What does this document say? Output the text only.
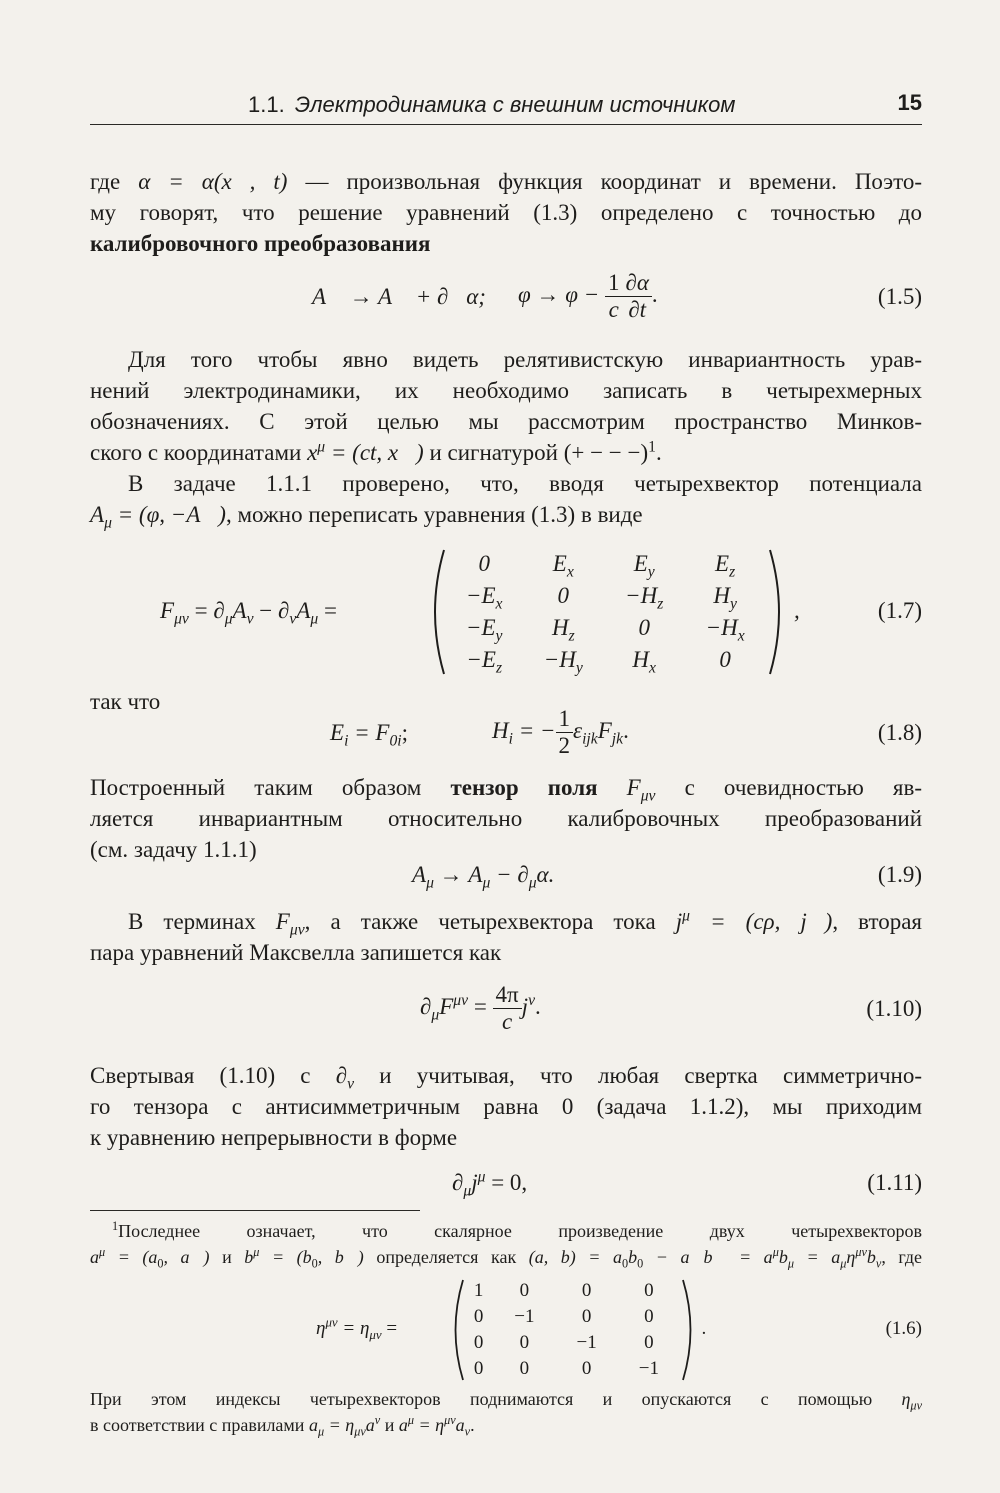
1.1. Электродинамика с внешним источником	15
где α = α(x⃗, t) — произвольная функция координат и времени. Поэто-
му говорят, что решение уравнений (1.3) определено с точностью до
калибровочного преобразования
A⃗ → A⃗ + ∂⃗α; $\varphi \to \varphi - \frac{1}{c} \frac{\partial\alpha}{\partial t}$ .	(1.5)
Для того чтобы явно видеть релятивистскую инвариантность урав-
нений электродинамики, их необходимо записать в четырехмерных
обозначениях. С этой целью мы рассмотрим пространство Минков-
ского с координатами $x^\mu = (ct$, x⃗) и сигнатурой (+ − − −)$^1$.
В задаче 1.1.1 проверено, что, вводя четырехвектор потенциала
$A_\mu = (\varphi$, −A⃗), можно переписать уравнения (1.3) в виде
$F_{\mu\nu} = \partial_\mu A_\nu - \partial_\nu A_\mu$ =
0	$E_x$	$E_y$	$E_z$
$-E_x$	0	$-H_z$	$H_y$
$-E_y$	$H_z$	0	$-H_x$
$-E_z$	$-H_y$	$H_x$	0
,	(1.7)
так что
$E_i = F_{0i}$;	$H_i$ = − $\frac{1}{2} \varepsilon_{ijk}F_{jk}$.	(1.8)
Построенный таким образом тензор поля $F_{\mu\nu}$ с очевидностью яв-
ляется инвариантным относительно калибровочных преобразований
(см. задачу 1.1.1)
$A_\mu \to A_\mu - \partial_\mu\alpha$.	(1.9)
В терминах $F_{\mu\nu}$, а также четырехвектора тока $j^\mu = (c\rho$, j⃗), вторая
пара уравнений Максвелла запишется как
$\partial_\mu F^{\mu\nu} = \frac{4\pi}{c} j^\nu$.	(1.10)
Свертывая (1.10) с $\partial_\nu$ и учитывая, что любая свертка симметрично-
го тензора с антисимметричным равна 0 (задача 1.1.2), мы приходим
к уравнению непрерывности в форме
$\partial_\mu j^\mu = 0$,	(1.11)
$^1$Последнее означает, что скалярное произведение двух четырехвекторов
$a^\mu = (a_0$, a⃗) и $b^\mu = (b_0$, b⃗) определяется как (a, $b) = a_0b_0$ − a⃗b⃗ = $a^\mu b_\mu = a_\mu\eta^{\mu\nu}b_\nu$, где
$\eta^{\mu\nu} = \eta_{\mu\nu}$ =
1	0	0	0
0	−1	0	0
0	0	−1	0
0	0	0	−1
.	(1.6)
При этом индексы четырехвекторов поднимаются и опускаются с помощью $\eta_{\mu\nu}$
в соответствии с правилами $a_\mu = \eta_{\mu\nu}a^\nu$ и $a^\mu = \eta^{\mu\nu}a_\nu$.
